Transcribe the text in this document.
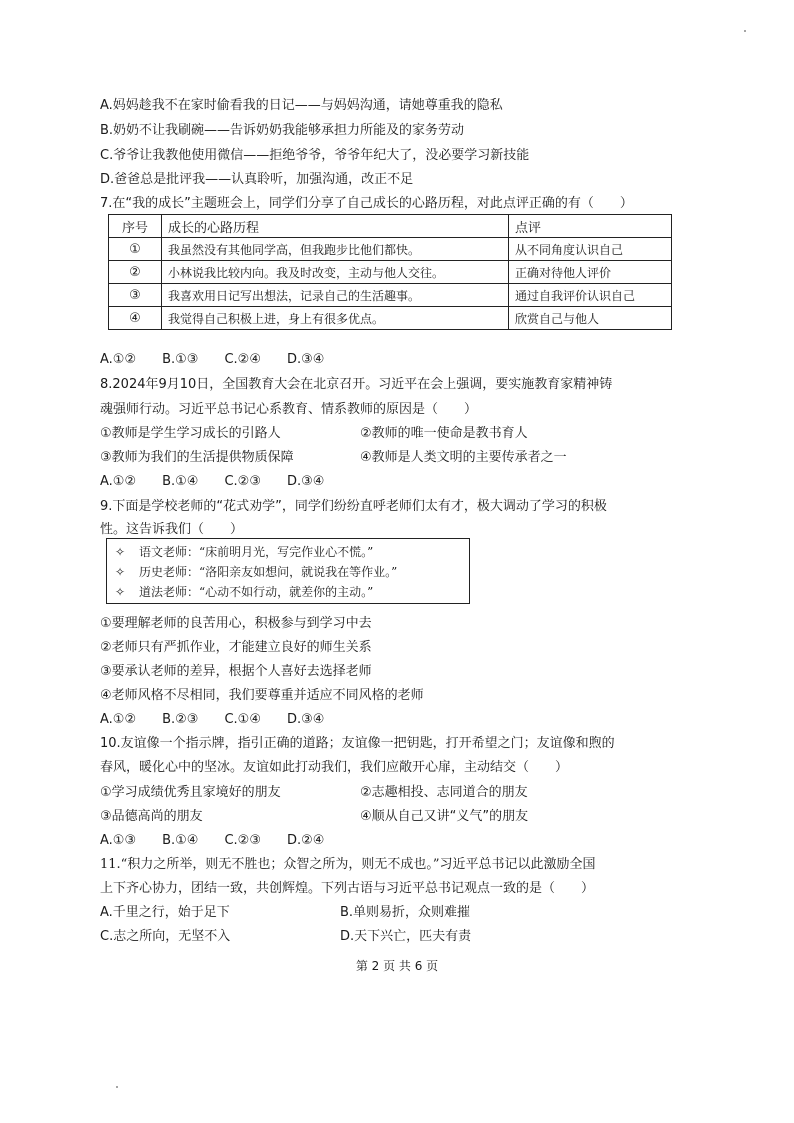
A.妈妈趁我不在家时偷看我的日记——与妈妈沟通，请她尊重我的隐私
B.奶奶不让我刷碗——告诉奶奶我能够承担力所能及的家务劳动
C.爷爷让我教他使用微信——拒绝爷爷，爷爷年纪大了，没必要学习新技能
D.爸爸总是批评我——认真聆听，加强沟通，改正不足
7.在“我的成长”主题班会上，同学们分享了自己成长的心路历程，对此点评正确的有（　　）
序号	成长的心路历程	点评
①	我虽然没有其他同学高，但我跑步比他们都快。	从不同角度认识自己
②	小林说我比较内向。我及时改变，主动与他人交往。	正确对待他人评价
③	我喜欢用日记写出想法，记录自己的生活趣事。	通过自我评价认识自己
④	我觉得自己积极上进，身上有很多优点。	欣赏自己与他人
A.①②　　B.①③　　C.②④　　D.③④
8.2024年9月10日，全国教育大会在北京召开。习近平在会上强调，要实施教育家精神铸
魂强师行动。习近平总书记心系教育、情系教师的原因是（　　）
①教师是学生学习成长的引路人	②教师的唯一使命是教书育人
③教师为我们的生活提供物质保障	④教师是人类文明的主要传承者之一
A.①②　　B.①④　　C.②③　　D.③④
9.下面是学校老师的“花式劝学”，同学们纷纷直呼老师们太有才，极大调动了学习的积极
性。这告诉我们（　　）
✧ 语文老师：“床前明月光，写完作业心不慌。”
✧ 历史老师：“洛阳亲友如想问，就说我在等作业。”
✧ 道法老师：“心动不如行动，就差你的主动。”
①要理解老师的良苦用心，积极参与到学习中去
②老师只有严抓作业，才能建立良好的师生关系
③要承认老师的差异，根据个人喜好去选择老师
④老师风格不尽相同，我们要尊重并适应不同风格的老师
A.①②　　B.②③　　C.①④　　D.③④
10.友谊像一个指示牌，指引正确的道路；友谊像一把钥匙，打开希望之门；友谊像和煦的
春风，暖化心中的坚冰。友谊如此打动我们，我们应敞开心扉，主动结交（　　）
①学习成绩优秀且家境好的朋友	②志趣相投、志同道合的朋友
③品德高尚的朋友	④顺从自己又讲“义气”的朋友
A.①③　　B.①④　　C.②③　　D.②④
11.“积力之所举，则无不胜也；众智之所为，则无不成也。”习近平总书记以此激励全国
上下齐心协力，团结一致，共创辉煌。下列古语与习近平总书记观点一致的是（　　）
A.千里之行，始于足下	B.单则易折，众则难摧
C.志之所向，无坚不入	D.天下兴亡，匹夫有责
第 2 页 共 6 页
